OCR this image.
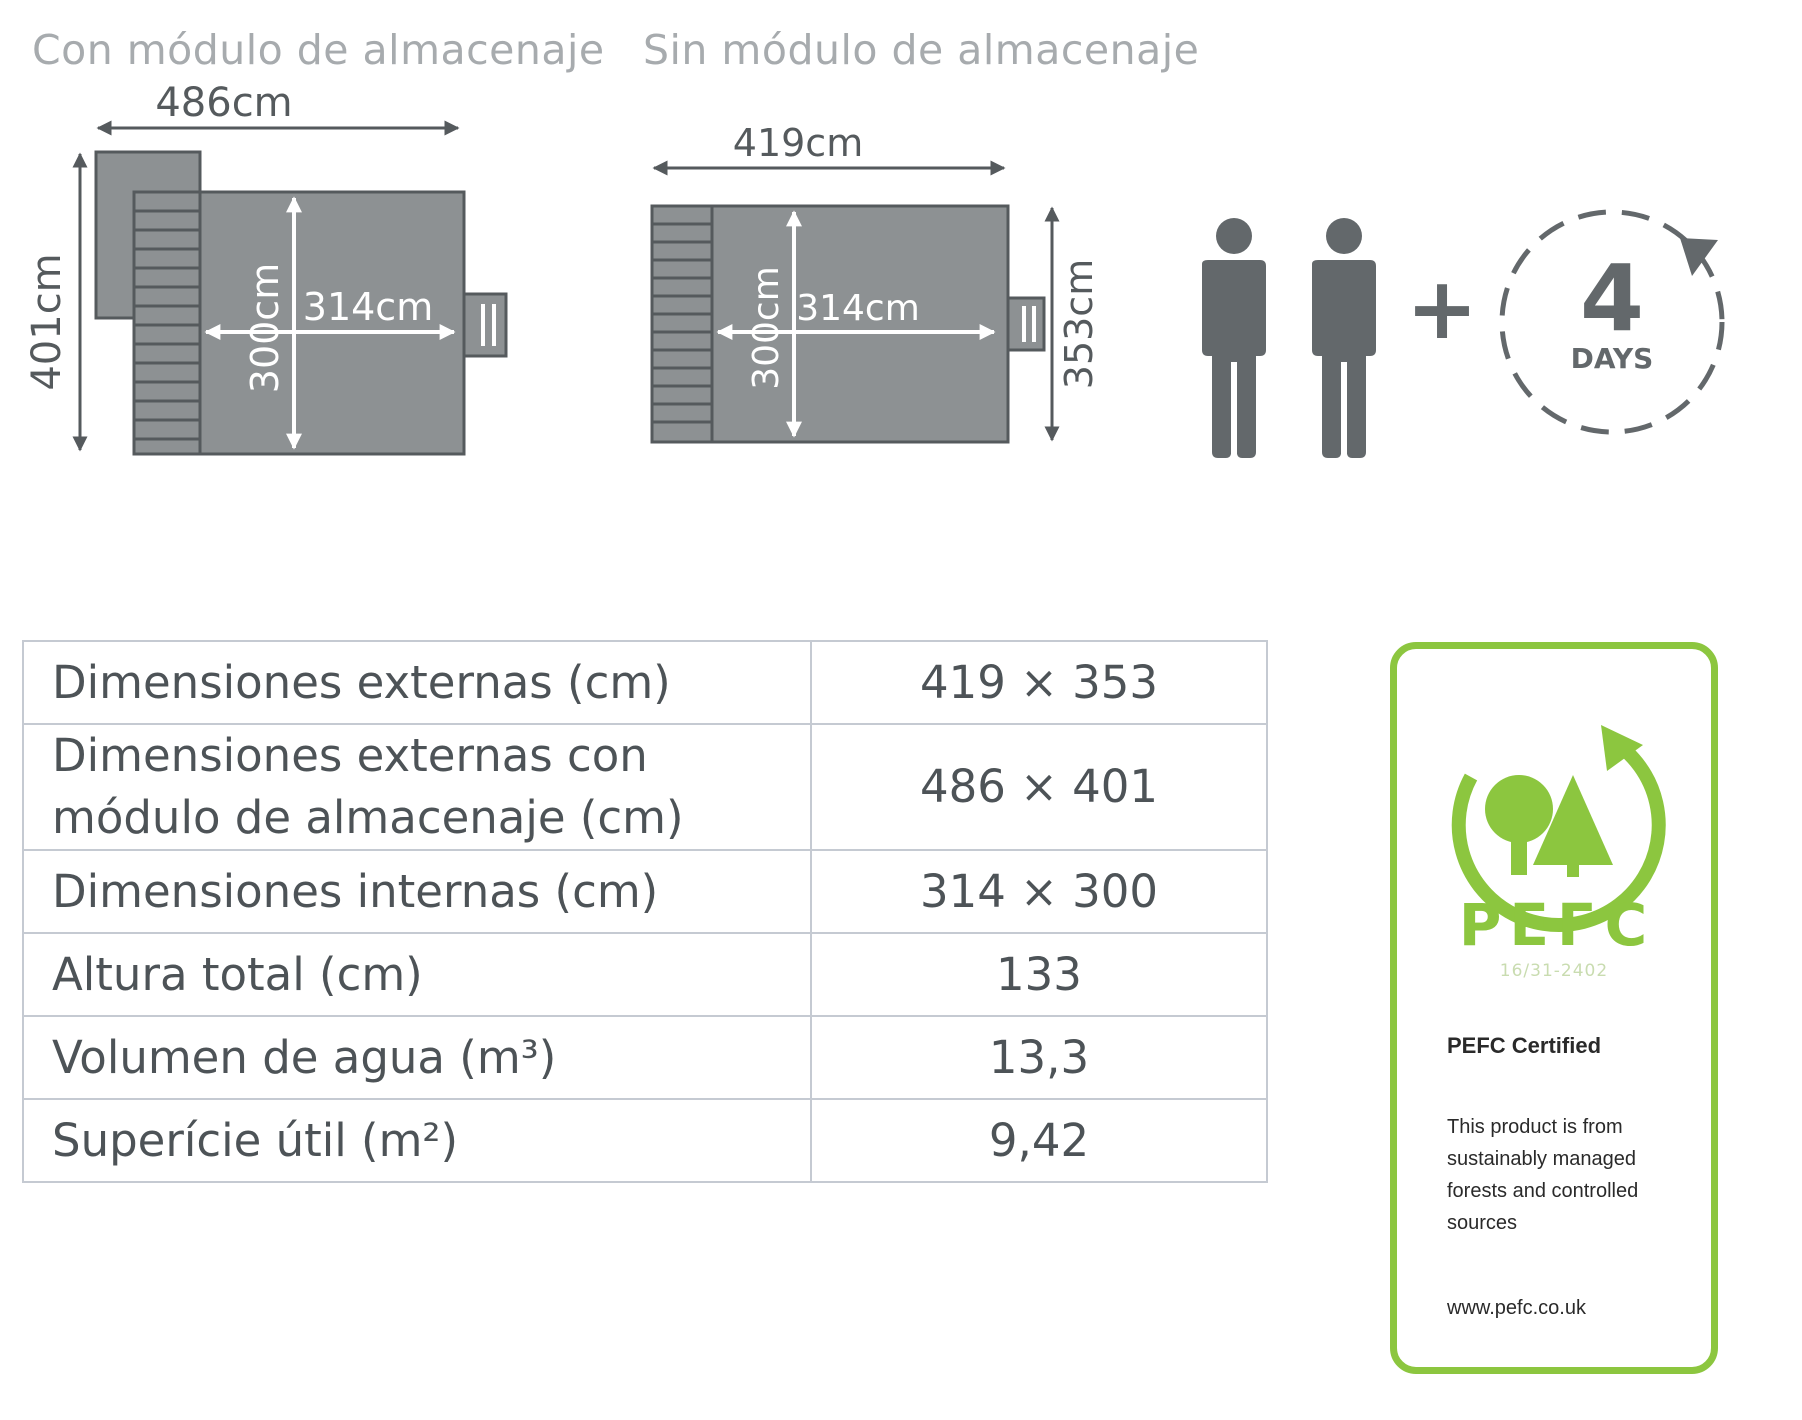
Con módulo de almacenaje Sin módulo de almacenaje
486cm
401cm	300cm 314cm
419cm
353cm
300cm 314cm	+ 4
DAYS
Dimensiones externas (cm)	419 × 353
Dimensiones externas con
módulo de almacenaje (cm)	486 × 401
Dimensiones internas (cm)	314 × 300
Altura total (cm)	133
Volumen de agua (m³)	13,3
Superície útil (m²)	9,42
PEFC
16/31-2402
PEFC Certified
This product is from sustainably managed forests and controlled sources
www.pefc.co.uk
